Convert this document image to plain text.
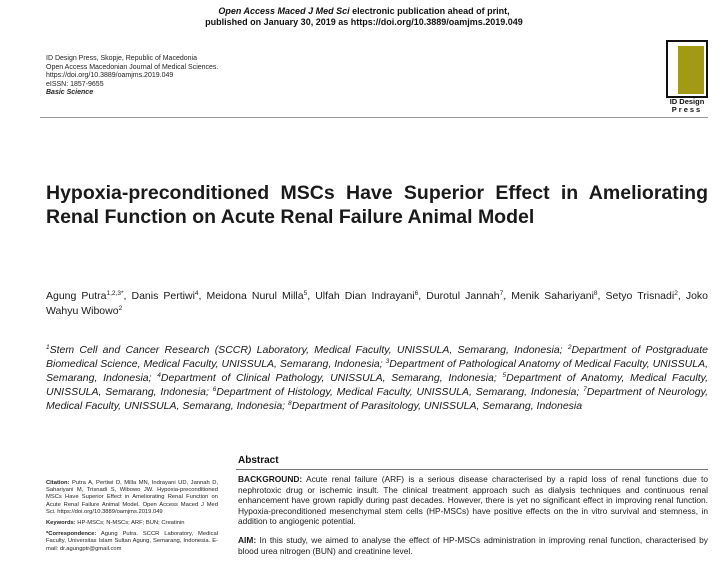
Open Access Maced J Med Sci electronic publication ahead of print,
published on January 30, 2019 as https://doi.org/10.3889/oamjms.2019.049
ID Design Press, Skopje, Republic of Macedonia
Open Access Macedonian Journal of Medical Sciences.
https://doi.org/10.3889/oamjms.2019.049
eISSN: 1857-9655
Basic Science
ID Design
Press
Hypoxia-preconditioned MSCs Have Superior Effect in Ameliorating Renal Function on Acute Renal Failure Animal Model
Agung Putra$^{1,2,3*}$, Danis Pertiwi$^4$, Meidona Nurul Milla$^5$, Ulfah Dian Indrayani$^6$, Durotul Jannah$^7$, Menik Sahariyani$^8$, Setyo Trisnadi$^2$, Joko Wahyu Wibowo$^2$
$^1$Stem Cell and Cancer Research (SCCR) Laboratory, Medical Faculty, UNISSULA, Semarang, Indonesia; $^2$Department of Postgraduate Biomedical Science, Medical Faculty, UNISSULA, Semarang, Indonesia; $^3$Department of Pathological Anatomy of Medical Faculty, UNISSULA, Semarang, Indonesia; $^4$Department of Clinical Pathology, UNISSULA, Semarang, Indonesia; $^5$Department of Anatomy, Medical Faculty, UNISSULA, Semarang, Indonesia; $^6$Department of Histology, Medical Faculty, UNISSULA, Semarang, Indonesia; $^7$Department of Neurology, Medical Faculty, UNISSULA, Semarang, Indonesia; $^8$Department of Parasitology, UNISSULA, Semarang, Indonesia
Abstract

BACKGROUND: Acute renal failure (ARF) is a serious disease characterised by a rapid loss of renal functions due to nephrotoxic drug or ischemic insult. The clinical treatment approach such as dialysis techniques and continuous renal enhancement have grown rapidly during past decades. However, there is yet no significant effect in improving renal function. Hypoxia-preconditioned mesenchymal stem cells (HP-MSCs) have positive effects on the in vitro survival and stemness, in addition to angiogenic potential.

AIM: In this study, we aimed to analyse the effect of HP-MSCs administration in improving renal function, characterised by blood urea nitrogen (BUN) and creatinine level.

Citation: Putra A, Pertiwi D, Milla MN, Indrayani UD, Jannah D, Sahariyani M, Trisnadi S, Wibowo JW. Hypoxia-preconditioned MSCs Have Superior Effect in Ameliorating Renal Function on Acute Renal Failure Animal Model. Open Access Maced J Med Sci. https://doi.org/10.3889/oamjms.2019.049
Keywords: HP-MSCs; N-MSCs; ARF; BUN; Creatinin
*Correspondence: Agung Putra. SCCR Laboratory, Medical Faculty, Universitas Islam Sultan Agung, Semarang, Indonesia. E-mail: dr.agungptr@gmail.com
